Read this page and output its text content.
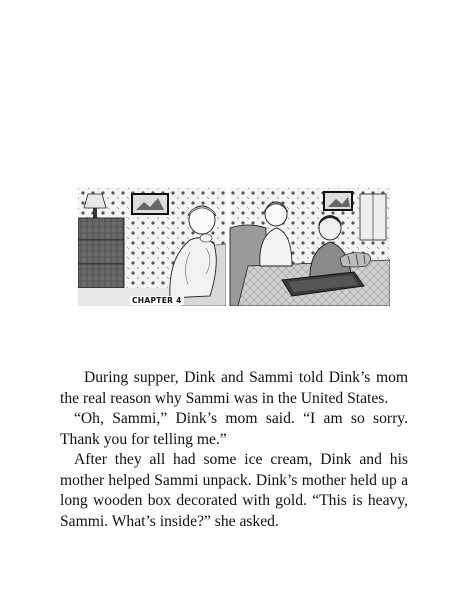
CHAPTER 4

During supper, Dink and Sammi told Dink’s mom the real reason why Sammi was in the United States.

“Oh, Sammi,” Dink’s mom said. “I am so sorry. Thank you for telling me.”

After they all had some ice cream, Dink and his mother helped Sammi unpack. Dink’s mother held up a long wooden box decorated with gold. “This is heavy, Sammi. What’s inside?” she asked.
